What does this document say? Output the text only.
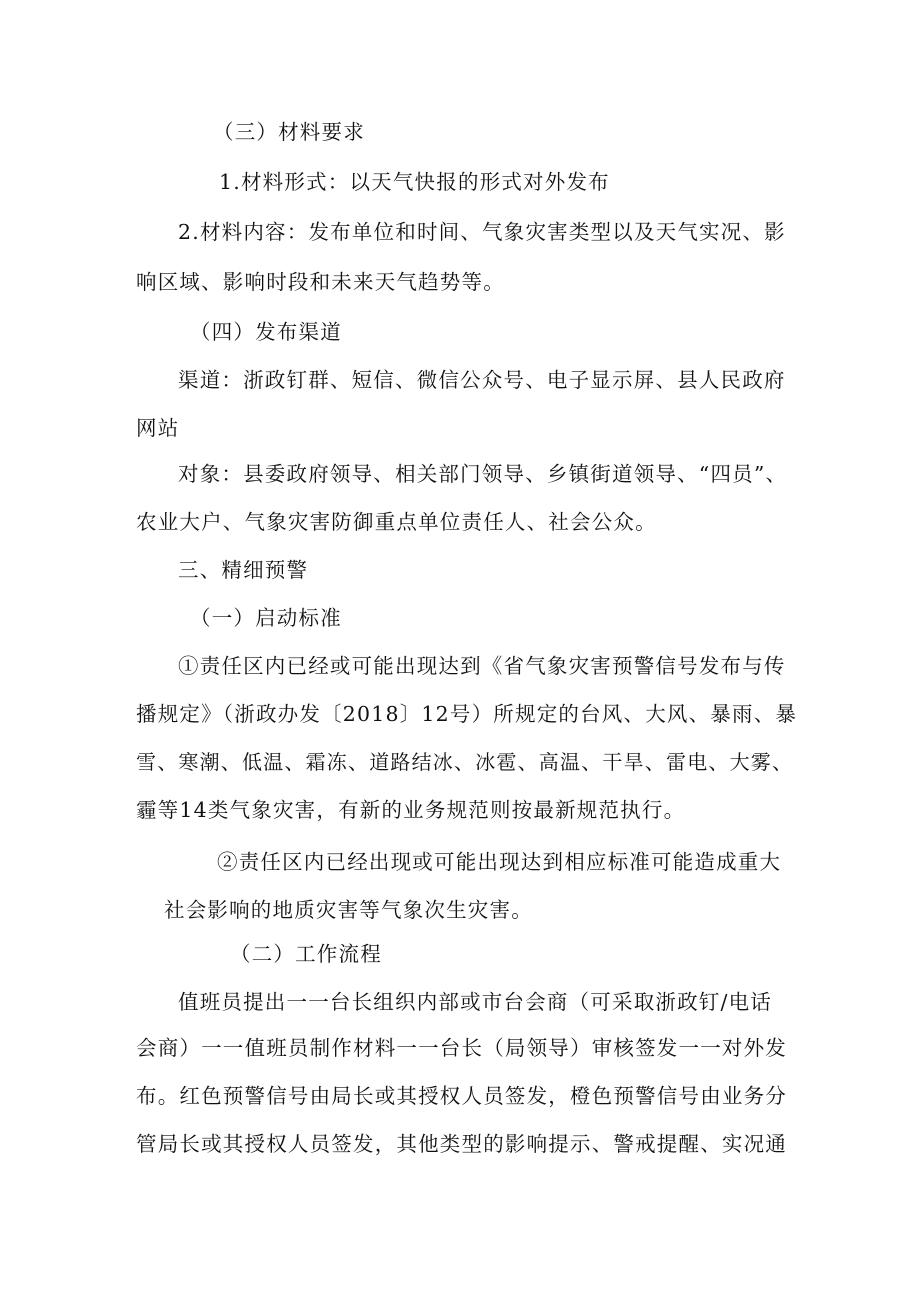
（三）材料要求
1.材料形式：以天气快报的形式对外发布
2.材料内容：发布单位和时间、气象灾害类型以及天气实况、影
响区域、影响时段和未来天气趋势等。
（四）发布渠道
渠道：浙政钉群、短信、微信公众号、电子显示屏、县人民政府
网站
对象：县委政府领导、相关部门领导、乡镇街道领导、“四员”、
农业大户、气象灾害防御重点单位责任人、社会公众。
三、精细预警
（一）启动标准
①责任区内已经或可能出现达到《省气象灾害预警信号发布与传
播规定》（浙政办发〔2018〕12号）所规定的台风、大风、暴雨、暴
雪、寒潮、低温、霜冻、道路结冰、冰雹、高温、干旱、雷电、大雾、
霾等14类气象灾害，有新的业务规范则按最新规范执行。
②责任区内已经出现或可能出现达到相应标准可能造成重大
社会影响的地质灾害等气象次生灾害。
（二）工作流程
值班员提出一一台长组织内部或市台会商（可采取浙政钉/电话
会商）一一值班员制作材料一一台长（局领导）审核签发一一对外发
布。红色预警信号由局长或其授权人员签发，橙色预警信号由业务分
管局长或其授权人员签发，其他类型的影响提示、警戒提醒、实况通
